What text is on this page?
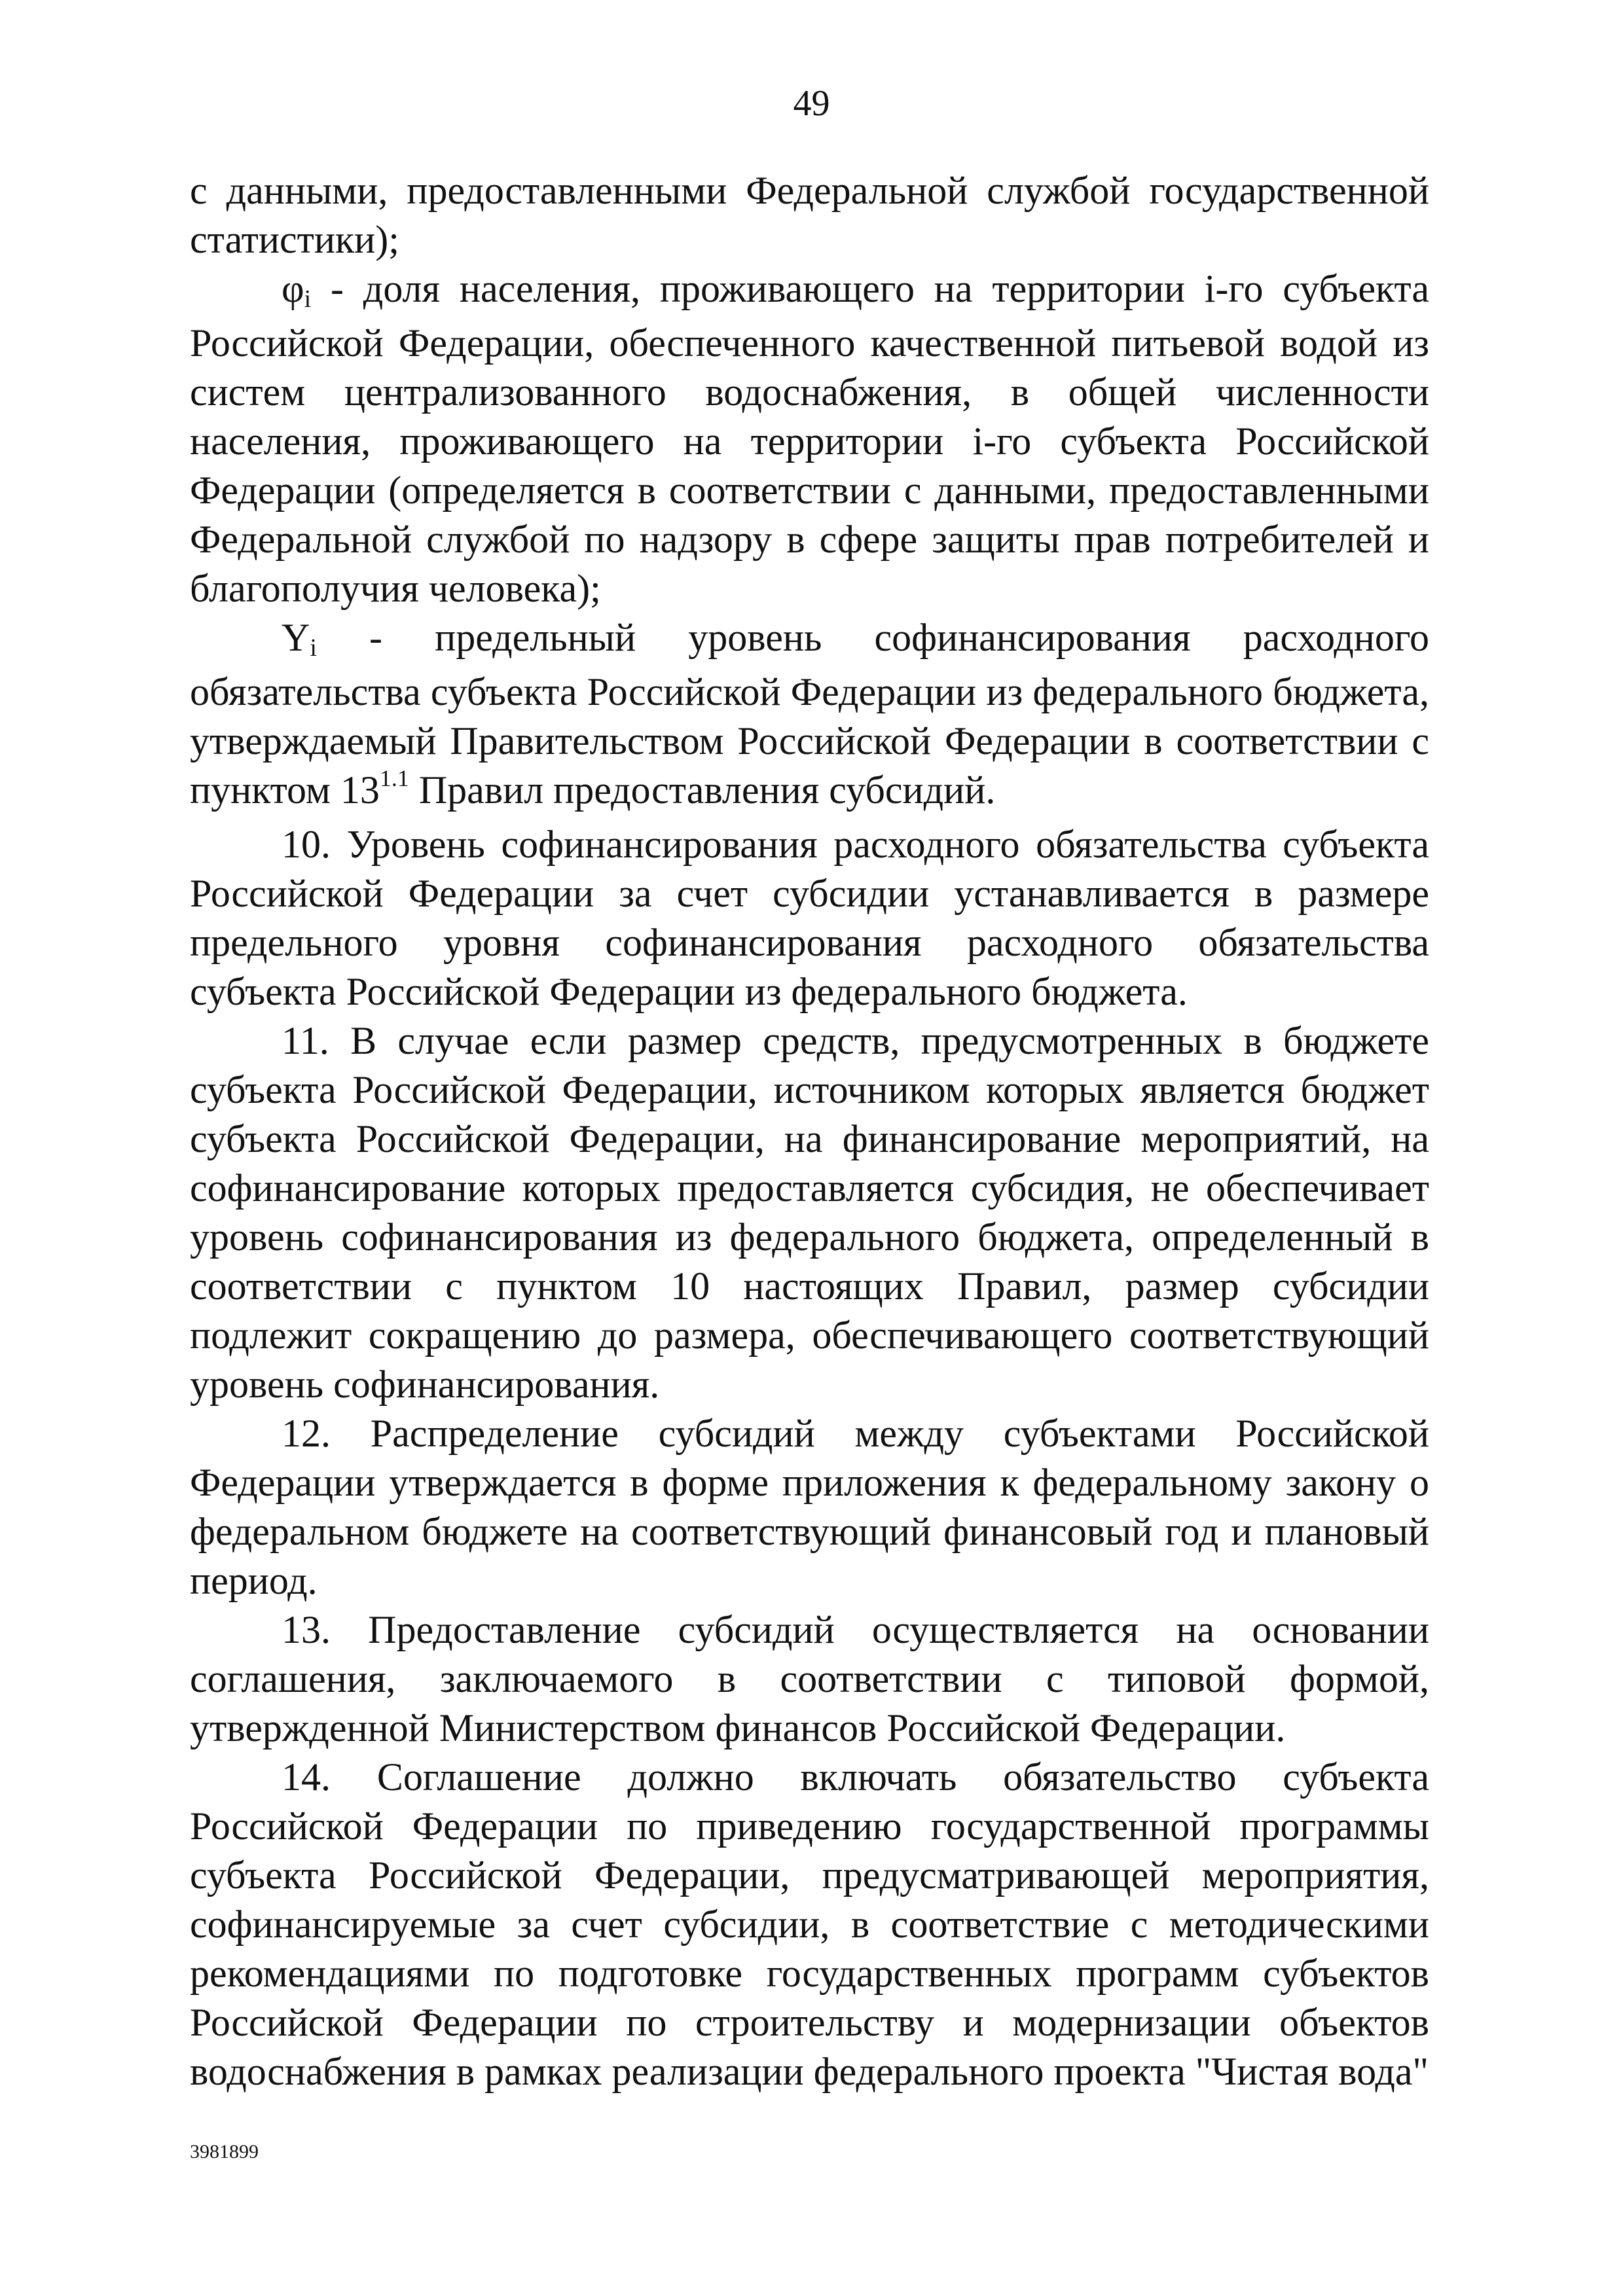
49

с данными, предоставленными Федеральной службой государственной статистики);

φi - доля населения, проживающего на территории i-го субъекта Российской Федерации, обеспеченного качественной питьевой водой из систем централизованного водоснабжения, в общей численности населения, проживающего на территории i-го субъекта Российской Федерации (определяется в соответствии с данными, предоставленными Федеральной службой по надзору в сфере защиты прав потребителей и благополучия человека);

Yi - предельный уровень софинансирования расходного обязательства субъекта Российской Федерации из федерального бюджета, утверждаемый Правительством Российской Федерации в соответствии с пунктом $13^{1.1}$ Правил предоставления субсидий.

10. Уровень софинансирования расходного обязательства субъекта Российской Федерации за счет субсидии устанавливается в размере предельного уровня софинансирования расходного обязательства субъекта Российской Федерации из федерального бюджета.

11. В случае если размер средств, предусмотренных в бюджете субъекта Российской Федерации, источником которых является бюджет субъекта Российской Федерации, на финансирование мероприятий, на софинансирование которых предоставляется субсидия, не обеспечивает уровень софинансирования из федерального бюджета, определенный в соответствии с пунктом 10 настоящих Правил, размер субсидии подлежит сокращению до размера, обеспечивающего соответствующий уровень софинансирования.

12. Распределение субсидий между субъектами Российской Федерации утверждается в форме приложения к федеральному закону о федеральном бюджете на соответствующий финансовый год и плановый период.

13. Предоставление субсидий осуществляется на основании соглашения, заключаемого в соответствии с типовой формой, утвержденной Министерством финансов Российской Федерации.

14. Соглашение должно включать обязательство субъекта Российской Федерации по приведению государственной программы субъекта Российской Федерации, предусматривающей мероприятия, софинансируемые за счет субсидии, в соответствие с методическими рекомендациями по подготовке государственных программ субъектов Российской Федерации по строительству и модернизации объектов водоснабжения в рамках реализации федерального проекта "Чистая вода"

3981899
